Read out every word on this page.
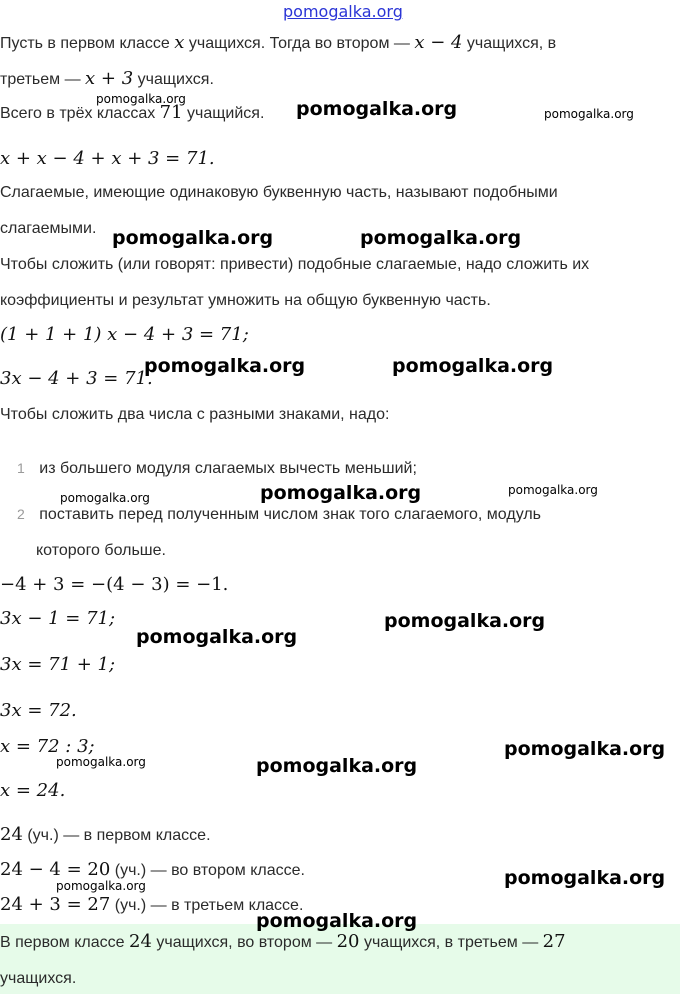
pomogalka.org
Пусть в первом классе x учащихся. Тогда во втором — x − 4 учащихся, в
третьем — x + 3 учащихся.
Всего в трёх классах 71 учащийся.
x + x − 4 + x + 3 = 71.
Слагаемые, имеющие одинаковую буквенную часть, называют подобными
слагаемыми.
Чтобы сложить (или говорят: привести) подобные слагаемые, надо сложить их
коэффициенты и результат умножить на общую буквенную часть.
(1 + 1 + 1) x − 4 + 3 = 71;
3x − 4 + 3 = 71.
Чтобы сложить два числа с разными знаками, надо:
1 из большего модуля слагаемых вычесть меньший;
2 поставить перед полученным числом знак того слагаемого, модуль
которого больше.
−4 + 3 = −(4 − 3) = −1.
3x − 1 = 71;
3x = 71 + 1;
3x = 72.
x = 72 : 3;
x = 24.
24 (уч.) — в первом классе.
24 − 4 = 20 (уч.) — во втором классе.
24 + 3 = 27 (уч.) — в третьем классе.
В первом классе 24 учащихся, во втором — 20 учащихся, в третьем — 27
учащихся.
pomogalka.org	pomogalka.org	pomogalka.org
pomogalka.org	pomogalka.org
pomogalka.org	pomogalka.org
pomogalka.org	pomogalka.org	pomogalka.org
pomogalka.org
pomogalka.org
pomogalka.org
pomogalka.org	pomogalka.org
pomogalka.org	pomogalka.org
pomogalka.org
